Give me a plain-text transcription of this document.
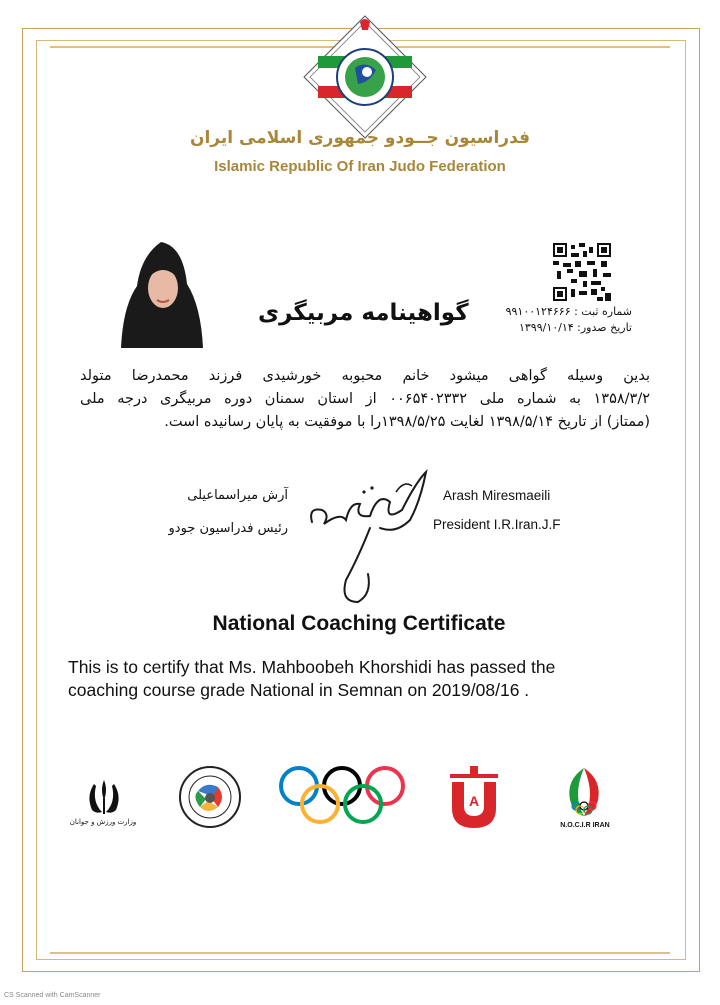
فدراسیون جــودو جمهوری اسلامی ایران
Islamic Republic Of Iran Judo Federation
شماره ثبت : ۹۹۱۰۰۱۲۴۶۶۶
تاریخ صدور: ۱۳۹۹/۱۰/۱۴
گواهینامه مربیگری
بدین وسیله گواهی میشود خانم محبوبه خورشیدی فرزند محمدرضا متولد
۱۳۵۸/۳/۲ به شماره ملی ۰۰۶۵۴۰۲۳۳۲ از استان سمنان دوره مربیگری درجه ملی
(ممتاز) از تاریخ ۱۳۹۸/۵/۱۴ لغایت ۱۳۹۸/۵/۲۵را با موفقیت به پایان رسانیده است.
آرش میراسماعیلی
رئیس فدراسیون جودو
Arash Miresmaeili
President I.R.Iran.J.F
National Coaching Certificate
This is to certify that Ms. Mahboobeh Khorshidi has passed the
coaching course grade National in Semnan on 2019/08/16 .
وزارت ورزش و جوانان
A
N.O.C.I.R IRAN
CS Scanned with CamScanner
